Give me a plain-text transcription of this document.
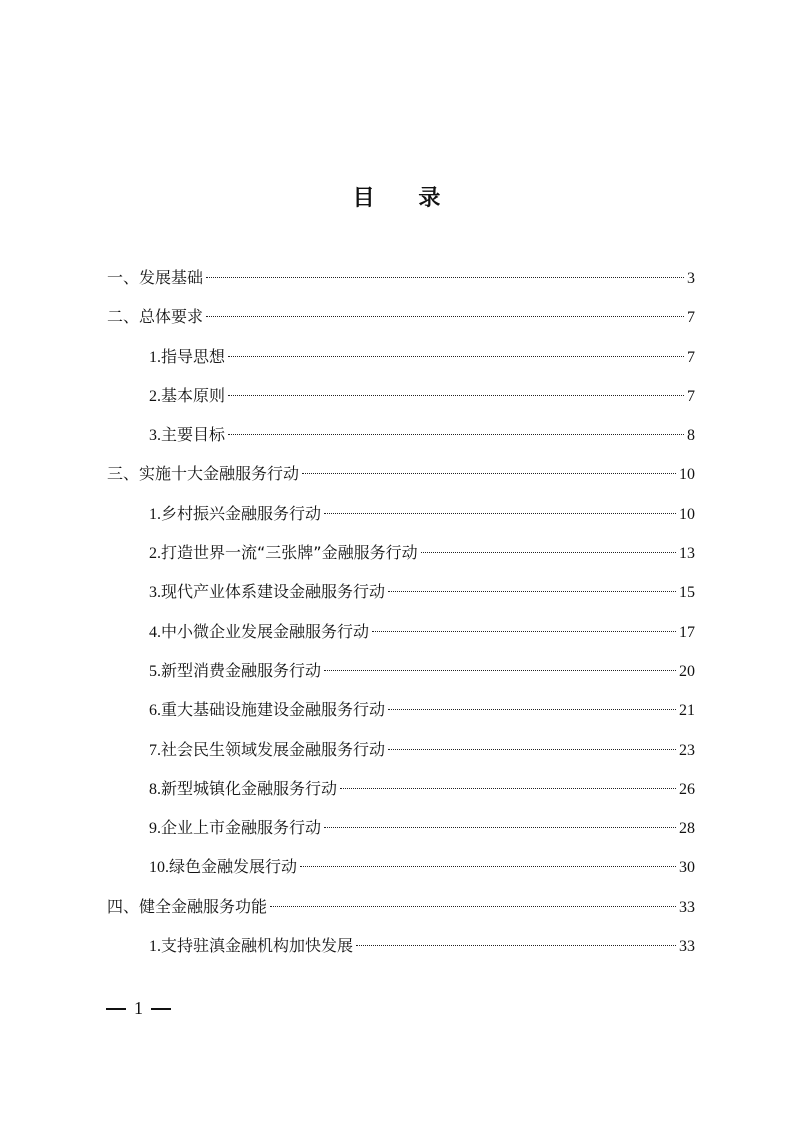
目 录
一、 发展基础	3
二、 总体要求	7
1. 指导思想	7
2. 基本原则	7
3. 主要目标	8
三、 实施十大金融服务行动	10
1. 乡村振兴金融服务行动	10
2. 打造世界一流“三张牌”金融服务行动	13
3. 现代产业体系建设金融服务行动	15
4. 中小微企业发展金融服务行动	17
5. 新型消费金融服务行动	20
6. 重大基础设施建设金融服务行动	21
7. 社会民生领域发展金融服务行动	23
8. 新型城镇化金融服务行动	26
9. 企业上市金融服务行动	28
10. 绿色金融发展行动	30
四、 健全金融服务功能	33
1. 支持驻滇金融机构加快发展	33
1
